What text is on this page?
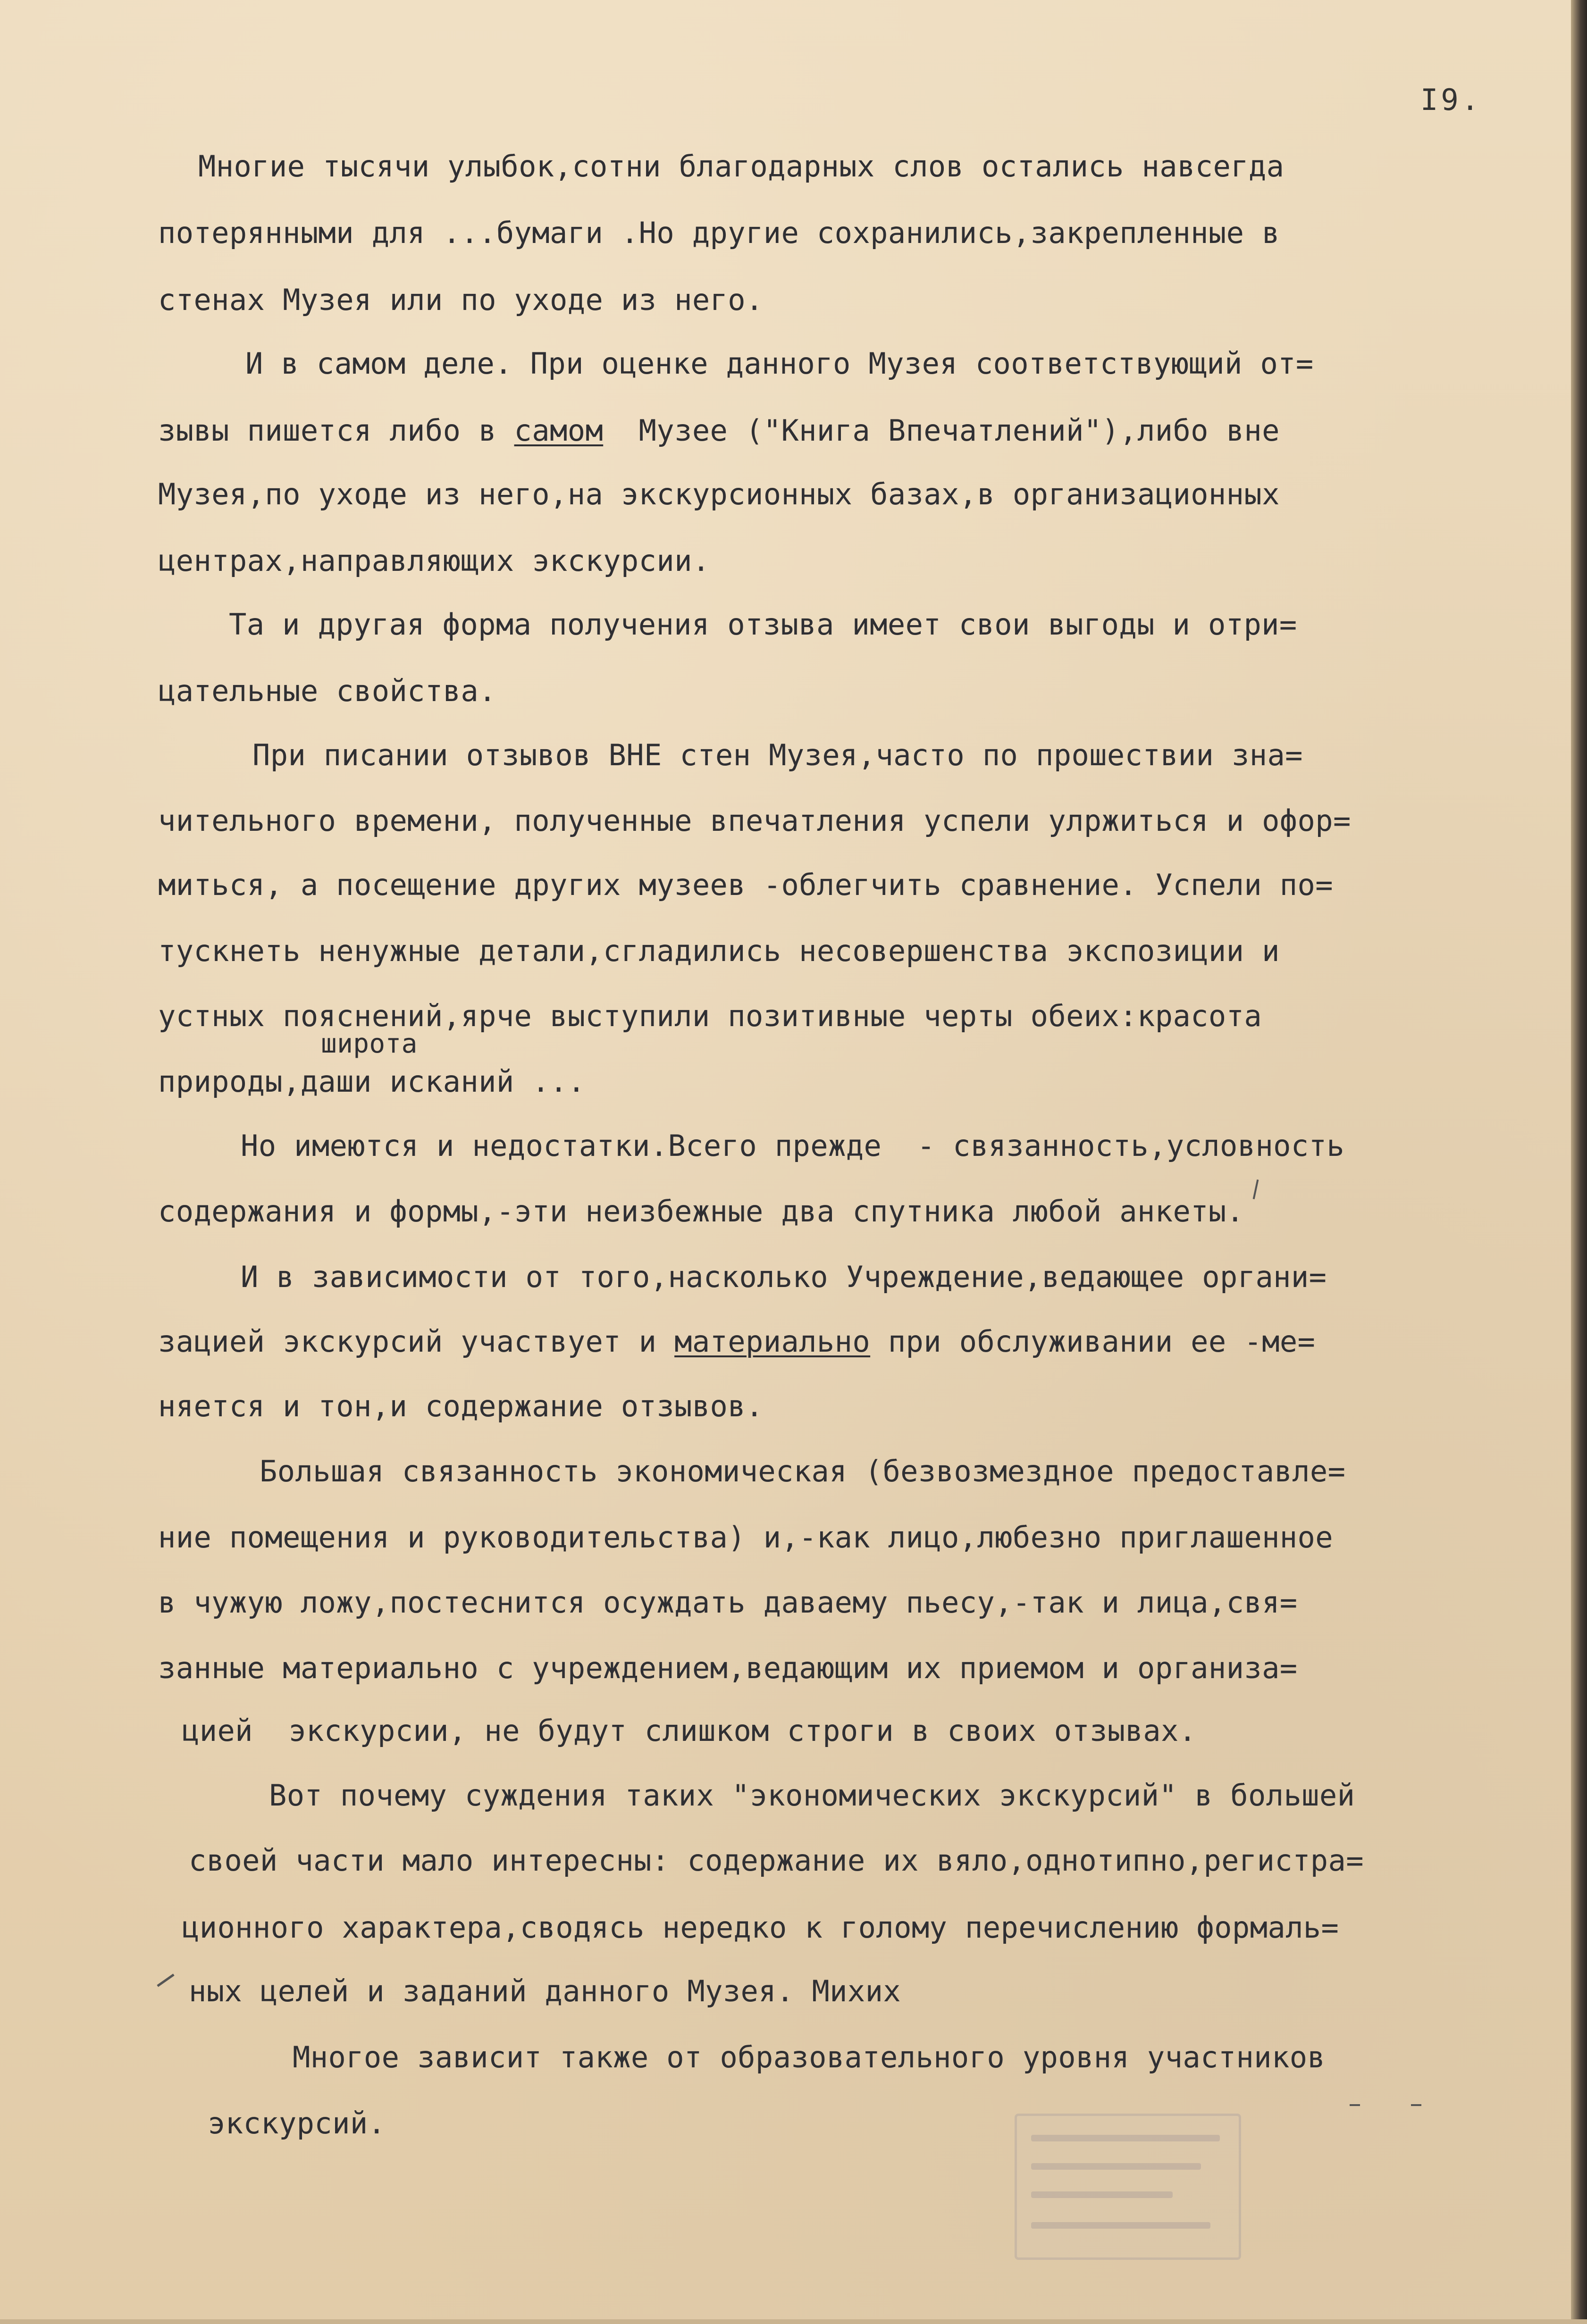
I9.
Многие тысячи улыбок,сотни благодарных слов остались навсегда
потерянными для ...бумаги .Но другие сохранились,закрепленные в
стенах Музея или по уходе из него.
И в самом деле. При оценке данного Музея соответствующий от=
зывы пишется либо в самом  Музее ("Книга Впечатлений"),либо вне
Музея,по уходе из него,на экскурсионных базах,в организационных
центрах,направляющих экскурсии.
Та и другая форма получения отзыва имеет свои выгоды и отри=
цательные свойства.
При писании отзывов ВНЕ стен Музея,часто по прошествии зна=
чительного времени, полученные впечатления успели улржиться и офор=
миться, а посещение других музеев -облегчить сравнение. Успели по=
тускнеть ненужные детали,сгладились несовершенства экспозиции и
устных пояснений,ярче выступили позитивные черты обеих:красота
широта
природы,даши исканий ...
Но имеются и недостатки.Всего прежде  - связанность,условность
содержания и формы,-эти неизбежные два спутника любой анкеты.
И в зависимости от того,насколько Учреждение,ведающее органи=
зацией экскурсий участвует и материально при обслуживании ее -ме=
няется и тон,и содержание отзывов.
Большая связанность экономическая (безвозмездное предоставле=
ние помещения и руководительства) и,-как лицо,любезно приглашенное
в чужую ложу,постеснится осуждать даваему пьесу,-так и лица,свя=
занные материально с учреждением,ведающим их приемом и организа=
цией  экскурсии, не будут слишком строги в своих отзывах.
Вот почему суждения таких "экономических экскурсий" в большей
своей части мало интересны: содержание их вяло,однотипно,регистра=
ционного характера,сводясь нередко к голому перечислению формаль=
ных целей и заданий данного Музея. Михих
Многое зависит также от образовательного уровня участников
экскурсий.
